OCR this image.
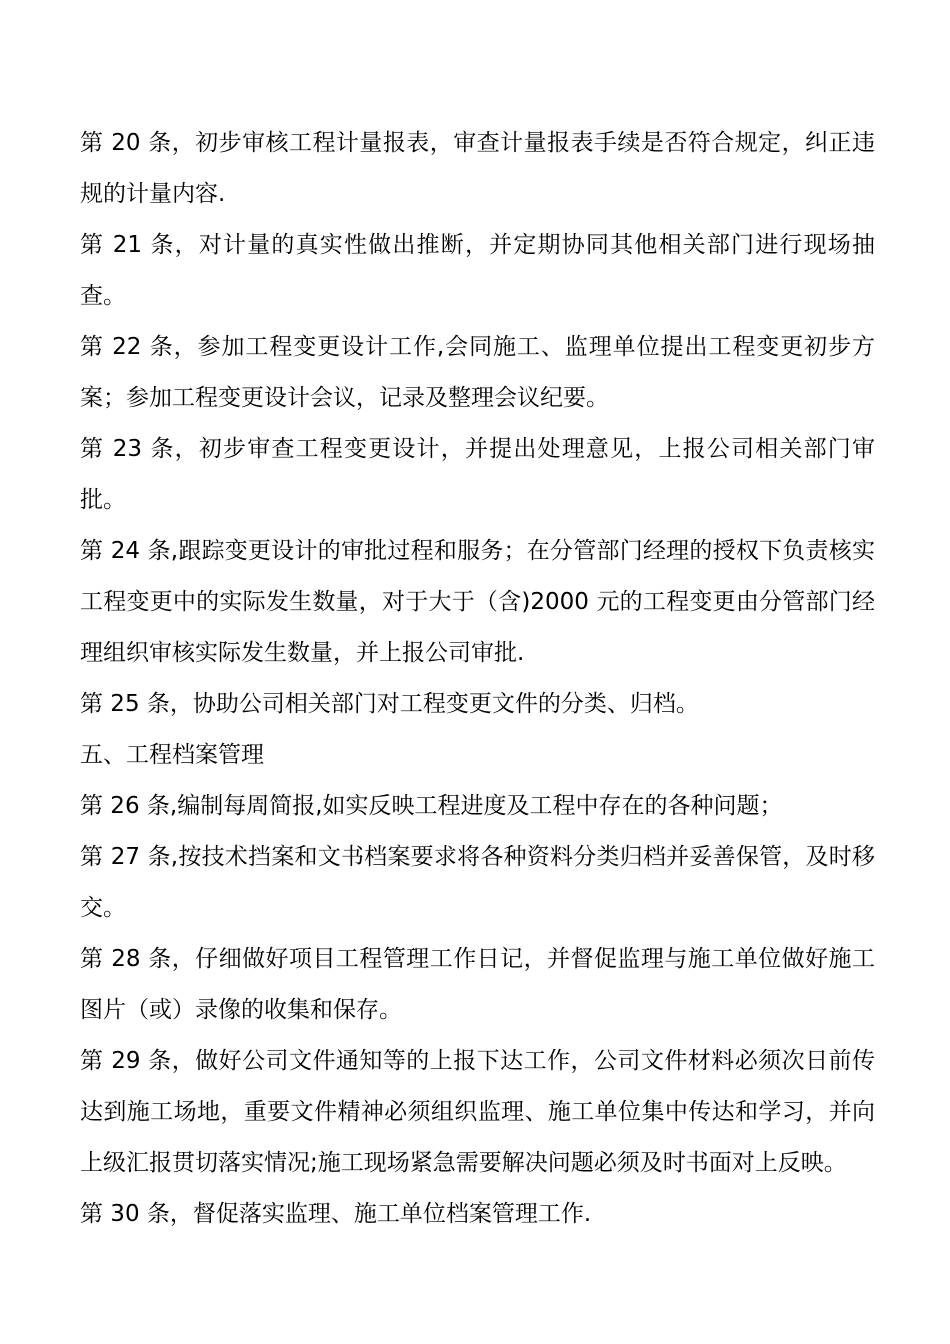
第 20 条，初步审核工程计量报表，审查计量报表手续是否符合规定，纠正违规的计量内容.

第 21 条，对计量的真实性做出推断，并定期协同其他相关部门进行现场抽查。

第 22 条，参加工程变更设计工作,会同施工、监理单位提出工程变更初步方案；参加工程变更设计会议，记录及整理会议纪要。

第 23 条，初步审查工程变更设计，并提出处理意见，上报公司相关部门审批。

第 24 条,跟踪变更设计的审批过程和服务；在分管部门经理的授权下负责核实工程变更中的实际发生数量，对于大于（含)2000 元的工程变更由分管部门经理组织审核实际发生数量，并上报公司审批.

第 25 条，协助公司相关部门对工程变更文件的分类、归档。

五、工程档案管理

第 26 条,编制每周简报,如实反映工程进度及工程中存在的各种问题；

第 27 条,按技术挡案和文书档案要求将各种资料分类归档并妥善保管，及时移交。

第 28 条，仔细做好项目工程管理工作日记，并督促监理与施工单位做好施工图片（或）录像的收集和保存。

第 29 条，做好公司文件通知等的上报下达工作，公司文件材料必须次日前传达到施工场地，重要文件精神必须组织监理、施工单位集中传达和学习，并向上级汇报贯切落实情况;施工现场紧急需要解决问题必须及时书面对上反映。

第 30 条，督促落实监理、施工单位档案管理工作.
